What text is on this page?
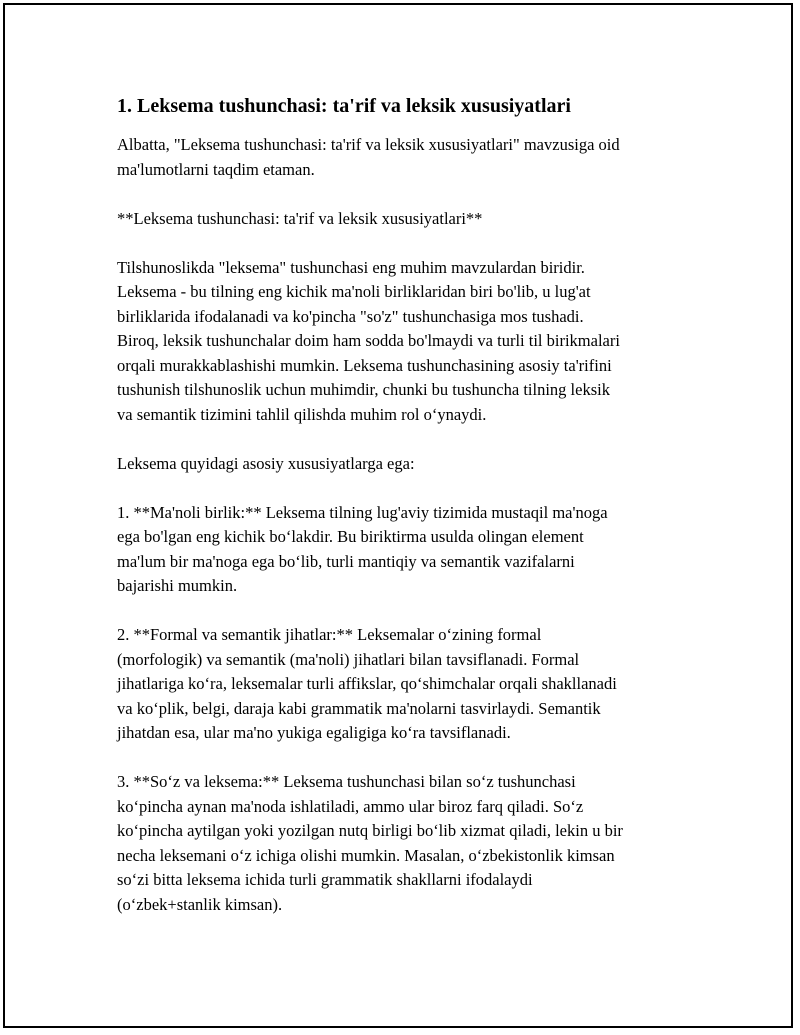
1. Leksema tushunchasi: ta'rif va leksik xususiyatlari

Albatta, "Leksema tushunchasi: ta'rif va leksik xususiyatlari" mavzusiga oid
ma'lumotlarni taqdim etaman.

**Leksema tushunchasi: ta'rif va leksik xususiyatlari**

Tilshunoslikda "leksema" tushunchasi eng muhim mavzulardan biridir.
Leksema - bu tilning eng kichik ma'noli birliklaridan biri bo'lib, u lug'at
birliklarida ifodalanadi va ko'pincha "so'z" tushunchasiga mos tushadi.
Biroq, leksik tushunchalar doim ham sodda bo'lmaydi va turli til birikmalari
orqali murakkablashishi mumkin. Leksema tushunchasining asosiy ta'rifini
tushunish tilshunoslik uchun muhimdir, chunki bu tushuncha tilning leksik
va semantik tizimini tahlil qilishda muhim rol oʻynaydi.

Leksema quyidagi asosiy xususiyatlarga ega:

1. **Ma'noli birlik:** Leksema tilning lug'aviy tizimida mustaqil ma'noga
ega bo'lgan eng kichik boʻlakdir. Bu biriktirma usulda olingan element
ma'lum bir ma'noga ega boʻlib, turli mantiqiy va semantik vazifalarni
bajarishi mumkin.

2. **Formal va semantik jihatlar:** Leksemalar oʻzining formal
(morfologik) va semantik (ma'noli) jihatlari bilan tavsiflanadi. Formal
jihatlariga koʻra, leksemalar turli affikslar, qoʻshimchalar orqali shakllanadi
va koʻplik, belgi, daraja kabi grammatik ma'nolarni tasvirlaydi. Semantik
jihatdan esa, ular ma'no yukiga egaligiga koʻra tavsiflanadi.

3. **Soʻz va leksema:** Leksema tushunchasi bilan soʻz tushunchasi
koʻpincha aynan ma'noda ishlatiladi, ammo ular biroz farq qiladi. Soʻz
koʻpincha aytilgan yoki yozilgan nutq birligi boʻlib xizmat qiladi, lekin u bir
necha leksemani oʻz ichiga olishi mumkin. Masalan, oʻzbekistonlik kimsan
soʻzi bitta leksema ichida turli grammatik shakllarni ifodalaydi
(oʻzbek+stanlik kimsan).
